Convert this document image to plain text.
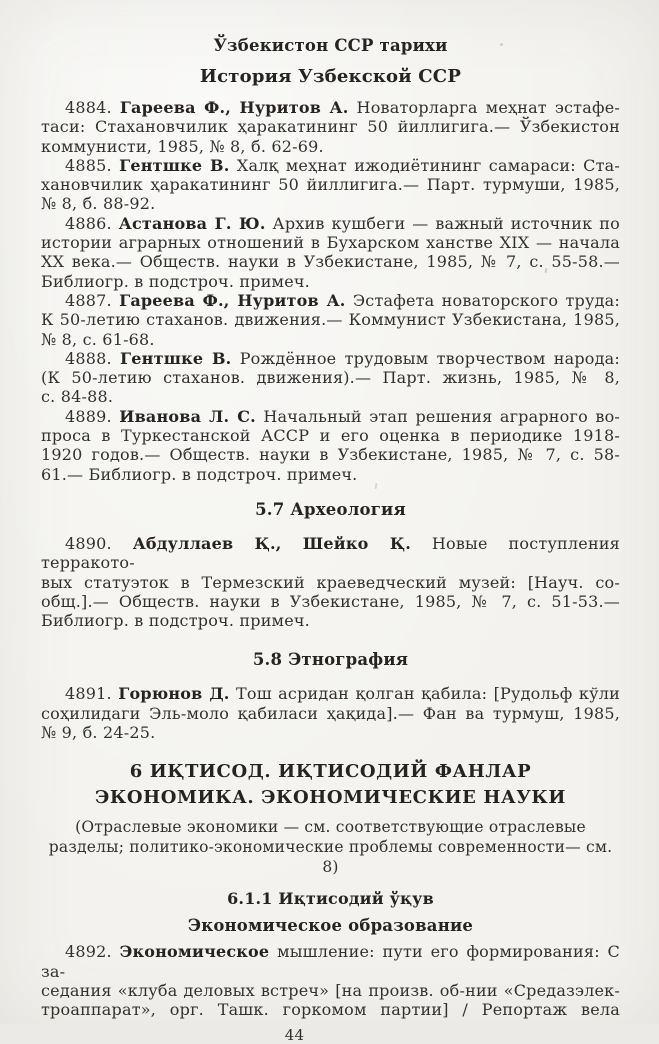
Ўзбекистон ССР тарихи
История Узбекской ССР

4884. Гареева Ф., Нуритов А. Новаторларга меҳнат эстафе-
таси: Стахановчилик ҳаракатининг 50 йиллигига.— Ўзбекистон
коммунисти, 1985, № 8, б. 62-69.

4885. Гентшке В. Халқ меҳнат ижодиётининг самараси: Ста-
хановчилик ҳаракатининг 50 йиллигига.— Парт. турмуши, 1985,
№ 8, б. 88-92.

4886. Астанова Г. Ю. Архив кушбеги — важный источник по
истории аграрных отношений в Бухарском ханстве XIX — начала
XX века.— Обществ. науки в Узбекистане, 1985, № 7, с. 55-58.—
Библиогр. в подстроч. примеч.

4887. Гареева Ф., Нуритов А. Эстафета новаторского труда:
К 50-летию стаханов. движения.— Коммунист Узбекистана, 1985,
№ 8, с. 61-68.

4888. Гентшке В. Рождённое трудовым творчеством народа:
(К 50-летию стаханов. движения).— Парт. жизнь, 1985, № 8,
с. 84-88.

4889. Иванова Л. С. Начальный этап решения аграрного во-
проса в Туркестанской АССР и его оценка в периодике 1918-
1920 годов.— Обществ. науки в Узбекистане, 1985, № 7, с. 58-
61.— Библиогр. в подстроч. примеч.

5.7 Археология

4890. Абдуллаев Қ., Шейко Қ. Новые поступления терракото-
вых статуэток в Термезский краеведческий музей: [Науч. со-
общ.].— Обществ. науки в Узбекистане, 1985, № 7, с. 51-53.—
Библиогр. в подстроч. примеч.

5.8 Этнография

4891. Горюнов Д. Тош асридан қолган қабила: [Рудольф кўли
соҳилидаги Эль-моло қабиласи ҳақида].— Фан ва турмуш, 1985,
№ 9, б. 24-25.

6 ИҚТИСОД. ИҚТИСОДИЙ ФАНЛАР
ЭКОНОМИКА. ЭКОНОМИЧЕСКИЕ НАУКИ
(Отраслевые экономики — см. соответствующие отраслевые
разделы; политико-экономические проблемы современности— см. 8)
6.1.1 Иқтисодий ўқув
Экономическое образование

4892. Экономическое мышление: пути его формирования: С за-
седания «клуба деловых встреч» [на произв. об-нии «Средазэлек-
троаппарат», орг. Ташк. горкомом партии] / Репортаж вела

44
